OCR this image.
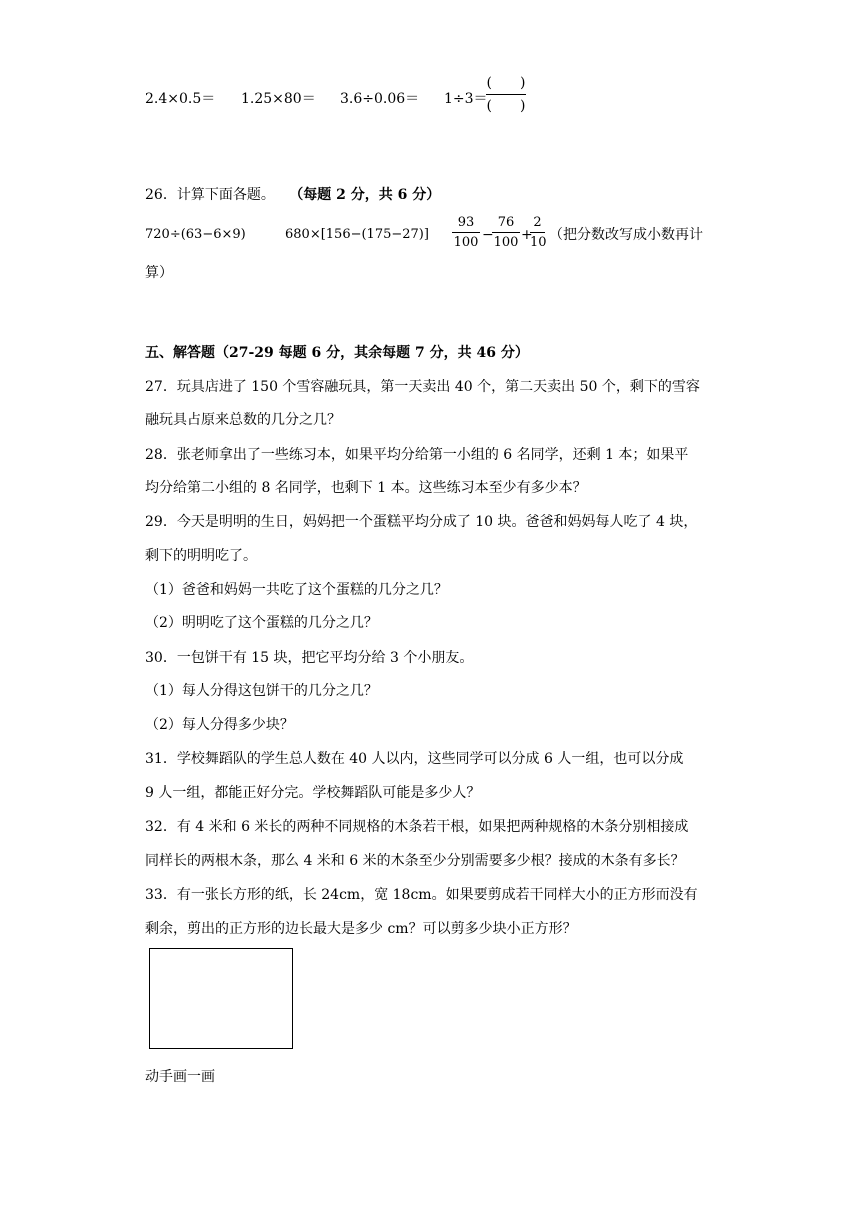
2.4×0.5＝ 1.25×80＝ 3.6÷0.06＝ 1÷3＝
(　　)
(　　)
26．计算下面各题。 （每题 2 分，共 6 分）
720÷(63−6×9)	680×[156−(175−27)]
93
100 −
76
100 +
2
10 （把分数改写成小数再计
算）
五、解答题（27-29 每题 6 分，其余每题 7 分，共 46 分）
27．玩具店进了 150 个雪容融玩具，第一天卖出 40 个，第二天卖出 50 个，剩下的雪容
融玩具占原来总数的几分之几？
28．张老师拿出了一些练习本，如果平均分给第一小组的 6 名同学，还剩 1 本；如果平
均分给第二小组的 8 名同学，也剩下 1 本。这些练习本至少有多少本？
29．今天是明明的生日，妈妈把一个蛋糕平均分成了 10 块。爸爸和妈妈每人吃了 4 块，
剩下的明明吃了。
（1）爸爸和妈妈一共吃了这个蛋糕的几分之几？
（2）明明吃了这个蛋糕的几分之几？
30．一包饼干有 15 块，把它平均分给 3 个小朋友。
（1）每人分得这包饼干的几分之几？
（2）每人分得多少块？
31．学校舞蹈队的学生总人数在 40 人以内，这些同学可以分成 6 人一组，也可以分成
9 人一组，都能正好分完。学校舞蹈队可能是多少人？
32．有 4 米和 6 米长的两种不同规格的木条若干根，如果把两种规格的木条分别相接成
同样长的两根木条，那么 4 米和 6 米的木条至少分别需要多少根？接成的木条有多长？
33．有一张长方形的纸，长 24cm，宽 18cm。如果要剪成若干同样大小的正方形而没有
剩余，剪出的正方形的边长最大是多少 cm？可以剪多少块小正方形？
动手画一画
